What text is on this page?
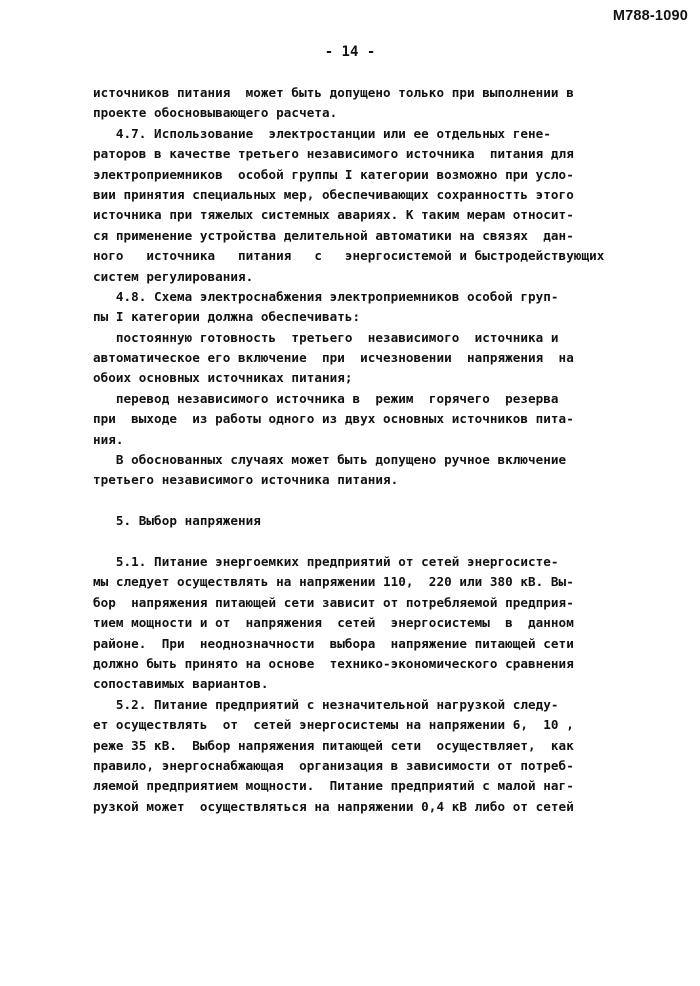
М788-1090
- 14 -
источников питания  может быть допущено только при выполнении в
проекте обосновывающего расчета.
4.7. Использование  электростанции или ее отдельных гене-
раторов в качестве третьего независимого источника  питания для
электроприемников  особой группы I категории возможно при усло-
вии принятия специальных мер, обеспечивающих сохранностть этого
источника при тяжелых системных авариях. К таким мерам относит-
ся применение устройства делительной автоматики на связях  дан-
ного   источника   питания   с   энергосистемой и быстродействующих
систем регулирования.
4.8. Схема электроснабжения электроприемников особой груп-
пы I категории должна обеспечивать:
постоянную готовность  третьего  независимого  источника и
автоматическое его включение  при  исчезновении  напряжения  на
обоих основных источниках питания;
перевод независимого источника в  режим  горячего  резерва
при  выходе  из работы одного из двух основных источников пита-
ния.
В обоснованных случаях может быть допущено ручное включение
третьего независимого источника питания.
5. Выбор напряжения
5.1. Питание энергоемких предприятий от сетей энергосисте-
мы следует осуществлять на напряжении 110,  220 или 380 кВ. Вы-
бор  напряжения питающей сети зависит от потребляемой предприя-
тием мощности и от  напряжения  сетей  энергосистемы  в  данном
районе.  При  неоднозначности  выбора  напряжение питающей сети
должно быть принято на основе  технико-экономического сравнения
сопоставимых вариантов.
5.2. Питание предприятий с незначительной нагрузкой следу-
ет осуществлять  от  сетей энергосистемы на напряжении 6,  10 ,
реже 35 кВ.  Выбор напряжения питающей сети  осуществляет,  как
правило, энергоснабжающая  организация в зависимости от потреб-
ляемой предприятием мощности.  Питание предприятий с малой наг-
рузкой может  осуществляться на напряжении 0,4 кВ либо от сетей
